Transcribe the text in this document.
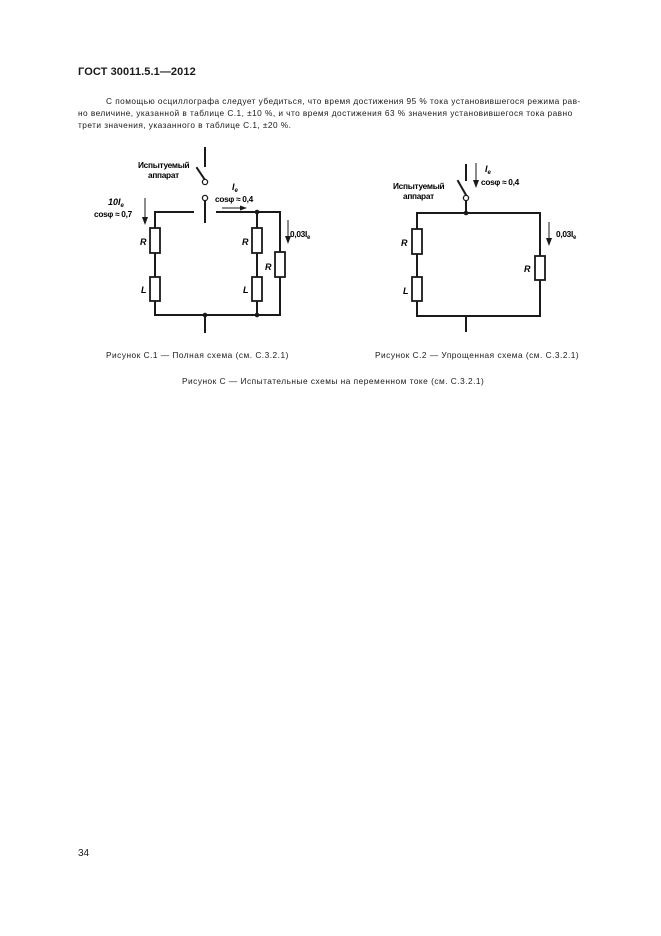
ГОСТ 30011.5.1—2012

С помощью осциллографа следует убедиться, что время достижения 95 % тока установившегося режима рав-
но величине, указанной в таблице С.1, ±10 %, и что время достижения 63 % значения установившегося тока равно
трети значения, указанного в таблице С.1, ±20 %.

Испытуемый
аппарат
$I_е$
cosφ ≈ 0,4
$10I_е$
cosφ ≈ 0,7
$0,03I_е$
R
L
R
L
R
Испытуемый
аппарат
$I_е$
cosφ ≈ 0,4
$0,03I_е$
R
L
R
Рисунок С.1 — Полная схема (см. С.3.2.1)	Рисунок С.2 — Упрощенная схема (см. С.3.2.1)
Рисунок С — Испытательные схемы на переменном токе (см. С.3.2.1)
34
